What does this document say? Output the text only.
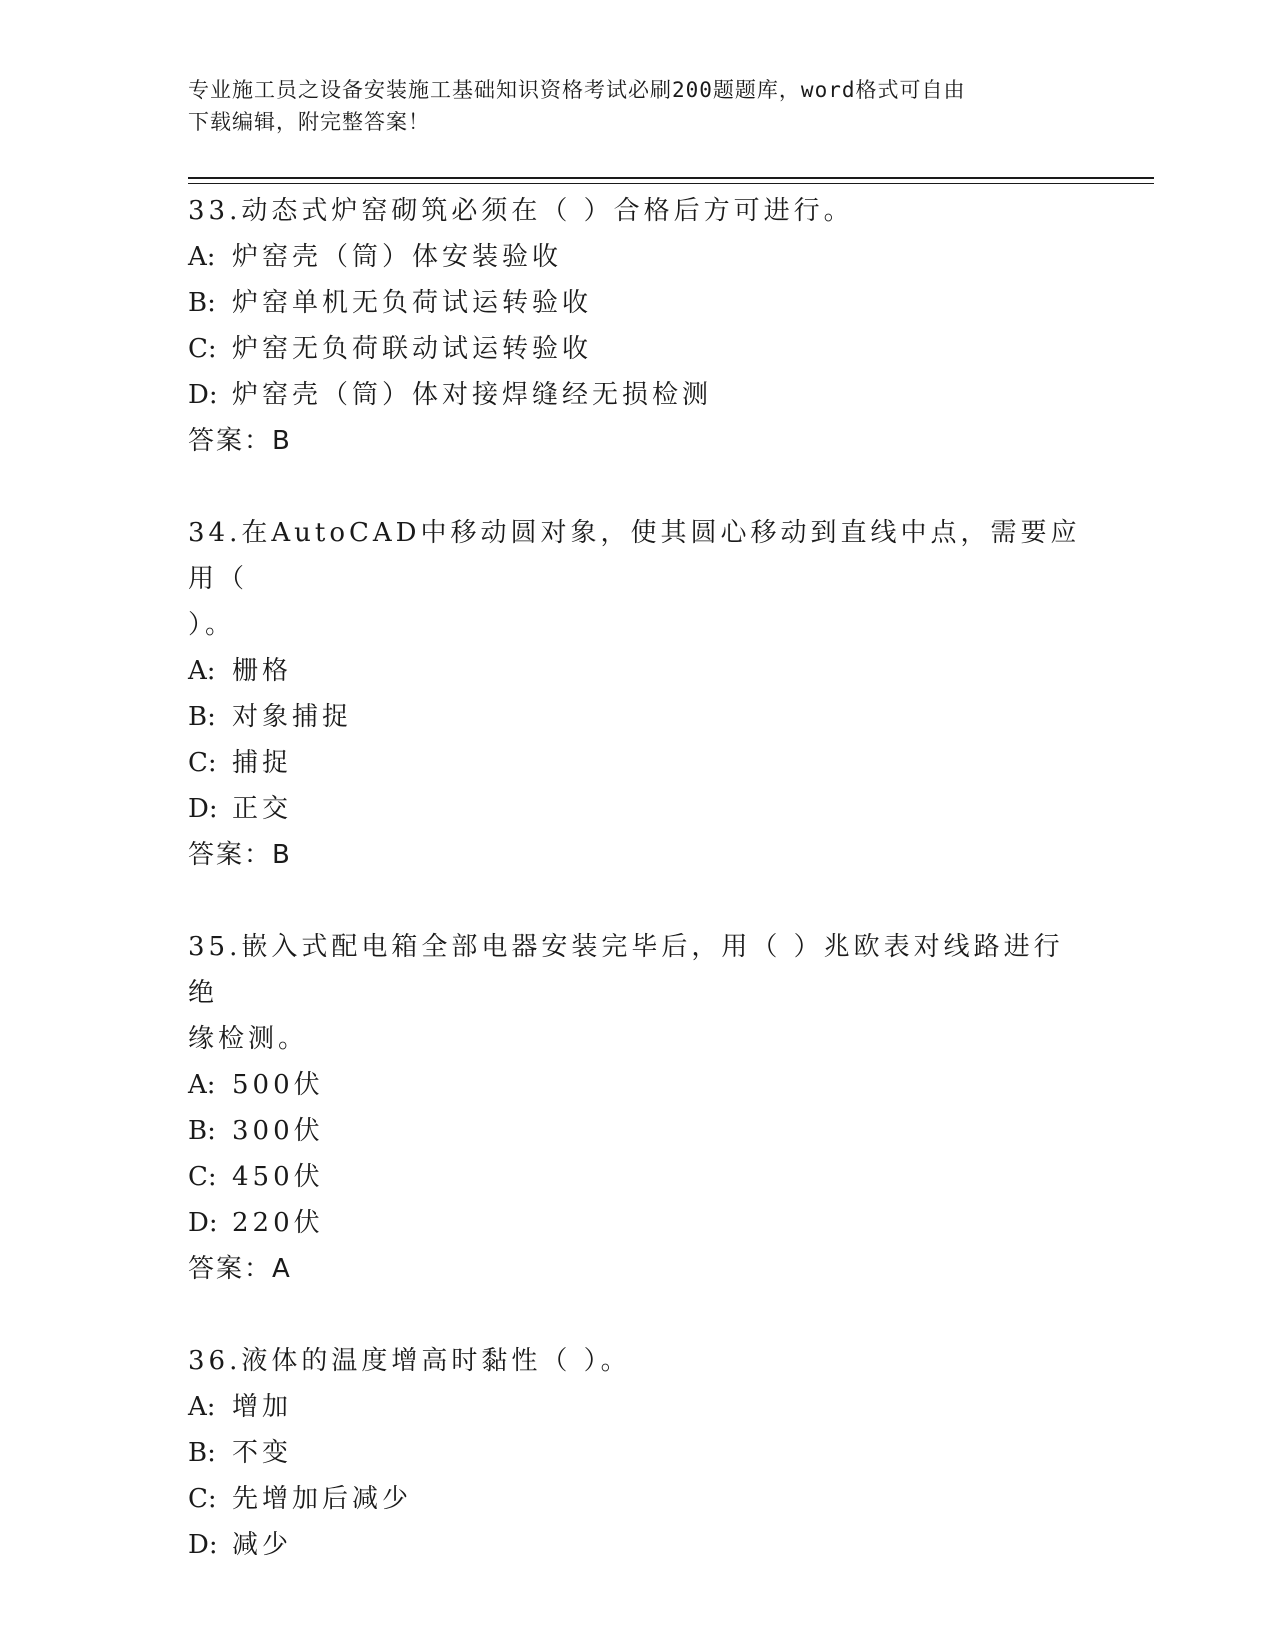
专业施工员之设备安装施工基础知识资格考试必刷200题题库，word格式可自由
下载编辑，附完整答案！
33.动态式炉窑砌筑必须在（ ）合格后方可进行。
A: 炉窑壳（筒）体安装验收
B: 炉窑单机无负荷试运转验收
C: 炉窑无负荷联动试运转验收
D: 炉窑壳（筒）体对接焊缝经无损检测
答案：B
34.在AutoCAD中移动圆对象，使其圆心移动到直线中点，需要应用（
）。
A: 栅格
B: 对象捕捉
C: 捕捉
D: 正交
答案：B
35.嵌入式配电箱全部电器安装完毕后，用（ ）兆欧表对线路进行绝
缘检测。
A: 500伏
B: 300伏
C: 450伏
D: 220伏
答案：A
36.液体的温度增高时黏性（ ）。
A: 增加
B: 不变
C: 先增加后减少
D: 减少
